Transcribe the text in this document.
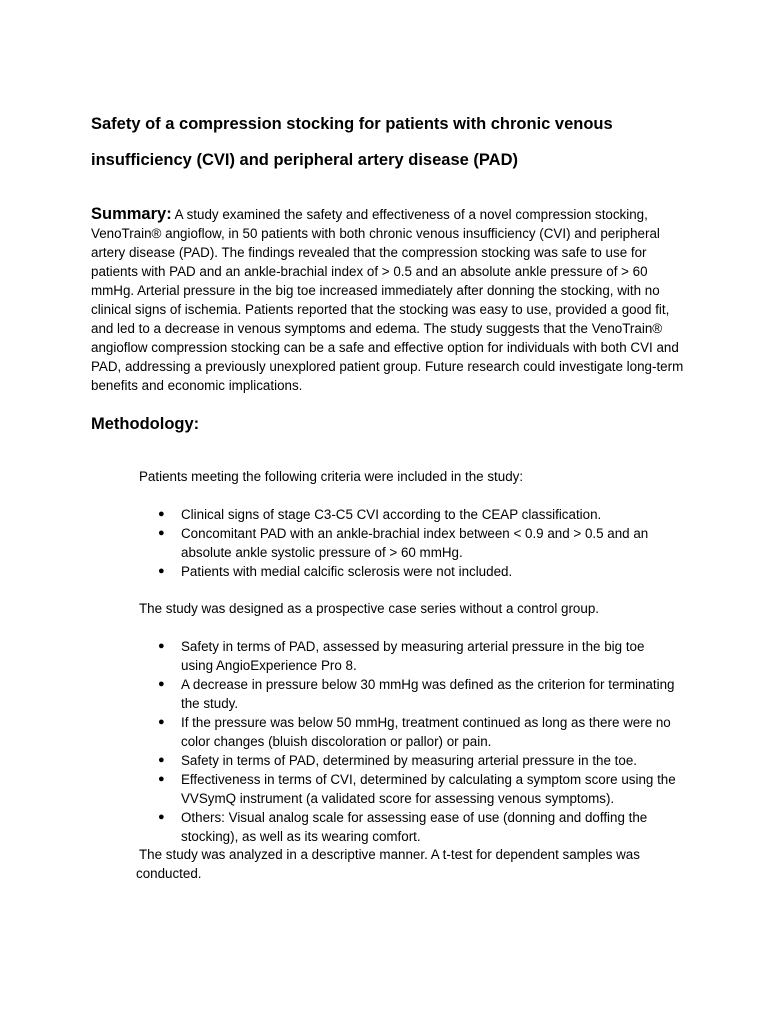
Safety of a compression stocking for patients with chronic venous
insufficiency (CVI) and peripheral artery disease (PAD)

Summary: A study examined the safety and effectiveness of a novel compression stocking, VenoTrain® angioflow, in 50 patients with both chronic venous insufficiency (CVI) and peripheral artery disease (PAD). The findings revealed that the compression stocking was safe to use for patients with PAD and an ankle-brachial index of > 0.5 and an absolute ankle pressure of > 60 mmHg. Arterial pressure in the big toe increased immediately after donning the stocking, with no clinical signs of ischemia. Patients reported that the stocking was easy to use, provided a good fit, and led to a decrease in venous symptoms and edema. The study suggests that the VenoTrain® angioflow compression stocking can be a safe and effective option for individuals with both CVI and PAD, addressing a previously unexplored patient group. Future research could investigate long-term benefits and economic implications.

Methodology:

Patients meeting the following criteria were included in the study:

● Clinical signs of stage C3-C5 CVI according to the CEAP classification.
● Concomitant PAD with an ankle-brachial index between < 0.9 and > 0.5 and an absolute ankle systolic pressure of > 60 mmHg.
● Patients with medial calcific sclerosis were not included.

The study was designed as a prospective case series without a control group.

● Safety in terms of PAD, assessed by measuring arterial pressure in the big toe using AngioExperience Pro 8.
● A decrease in pressure below 30 mmHg was defined as the criterion for terminating the study.
● If the pressure was below 50 mmHg, treatment continued as long as there were no color changes (bluish discoloration or pallor) or pain.
● Safety in terms of PAD, determined by measuring arterial pressure in the toe.
● Effectiveness in terms of CVI, determined by calculating a symptom score using the VVSymQ instrument (a validated score for assessing venous symptoms).
● Others: Visual analog scale for assessing ease of use (donning and doffing the stocking), as well as its wearing comfort.

The study was analyzed in a descriptive manner. A t-test for dependent samples was conducted.
